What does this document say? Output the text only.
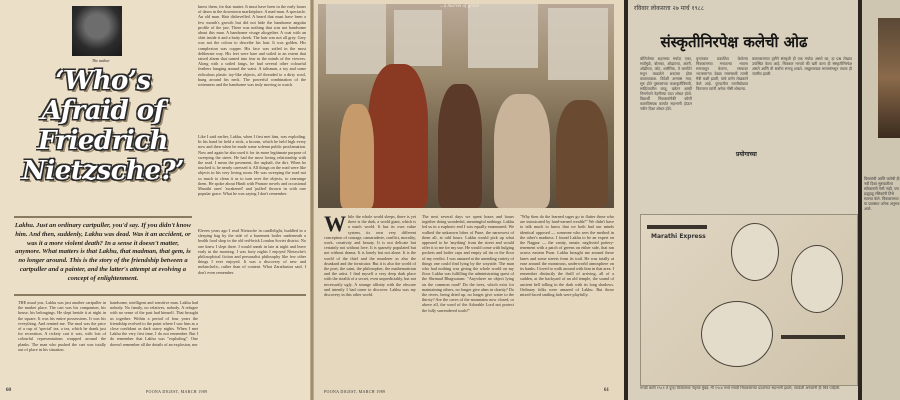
The author
‘Who’s Afraid of Friedrich Nietzsche?’

know them, for that matter. It must have been in the early hours of dawn in the downtown marketplace. A mad man. A spectacle. An old man. Hair dishevelled. A beard that must have been a few month's growth but did not hide the handsome angular profile of the jaw. There was nothing that was not handsome about this man. A handsome visage altogether. A coat with an shirt inside it and a baity cheek. The hair was not all grey. Grey was not the colour to describe his hair. It was golden. His complexion was copper. His face was soiled in the most deliberate way. His feet were bare and soiled to an extent that raised alarm that turned into fear in the minds of the viewers. Along with a soiled fangs, he had several other colourful feathers hanging around the waist. A talisman, a toy and some ridiculous plastic toy-like objects, all threaded to a dirty wool, hung around his neck. The powerful combination of the rottenness and the handsome was truly moving to watch.

Like I said earlier, Lakhu, when I first met him, was exploding. In his hand he held a stick, a broom, which he held high every now and then when he made some solemn public proclamation. Now and again he also used it for its more legitimate purpose of sweeping the street. He had the most loving relationship with the road. I mean the pavement, the asphalt, the dirt. When he touched it, he nearly caressed it. All things on the road were like objects in his very loving room. He was sweeping the road not so much to clean it as to turn over the objects, to rearrange them. He spoke about Hindi with Pranaw novels and occasional Marathi ones' 'awakened' and 'pulled' thrown in with rare popular grace. What he was saying I don't remember.

Eleven years ago I read Nietzsche in candlelight, huddled in a sleeping bag by the side of a basement boiler underneath a health food shop in the old red-brick London Soviet district. No one knew I slept there. I would sneak in late at night and leave early in the morning. I was forty nights I enjoyed Nietzsche's philosophical fiction and personalist philosophy like few other things I ever enjoyed. It was a discovery of new and melancholic, rather than of content. What Zarathustra said, I don't even remember.

Lakhu. Just an ordinary cartpuller, you'd say. If you didn't know him. And then, suddenly, Lakhu was dead. Was it an accident, or was it a more violent death? In a sense it doesn't matter, anymore. What matters is that Lakhu, that madman, that gem, is no longer around. This is the story of the friendship between a cartpuller and a painter, and the latter's attempt at evolving a concept of enlightenment.

THE usual you, Lakhu was just another cartpuller in the market place. The cart was his companion, his house, his belongings. He slept beside it at night in the square. It was his entire possessions. It was his everything. And remind me. The mod was the price of a cup of 'special' tea, a tea, which he drank just for recreation. A rickety cart it was, with lots of colourful representations wrapped around the planks. The man who pushed the cart was totally out of place in his situation.

handsome, intelligent and sensitive man. Lakhu had nobody. No family, no relatives, nobody. A refugee with no sense of the past had himself. That brought us together. Within a period of four years the friendship evolved to the point where I saw him as a close confidant as dark starry nights. When I met Lakhu the very first time, I do not remember. But I do remember that Lakhu was "exploding". One doesn't remember all the details of an explosion, nor

60	POONA DIGEST, MARCH 1989
...a marvel of grace

While the whole world sleeps, there is yet there is the dark, a world giant, which is a man's world. It has its own value system, its own very different conception of courage, camaraderie, conflict, morality, work, creativity and beauty. It is not delicate but certainly not without love. It is sparsely populated but not without drama. It is lonely but not alone. It is the world of the thief and the murderer as also the drunkard and the fornicator. But it is also the world of the poet, the saint, the philosopher, the mathematician and the artist. I find myself a very deep dark place with the stealth of a secret, even unpredictably, but not necessarily ugly. A strange affinity with the obscure and intently I had come to discover. Lakhu was my discovery in this other world.

The next several days we spent hours and hours together doing wonderful, meaningful nothings. Lakhu led us in a euphoric end I was equally enamoured. We walked the unknown lobes of Pune, the narrowest of them all, at odd hours. Lakhu would pick up what appeared to be 'anything' from the street and would offer it to me for my use. He would come with bulging pockets and boiler caps and empty oil tin or the floor of my verdict. I was amazed at the unending variety of things one could find lying by the wayside. The man who had nothing was giving the whole world on my floor. Lakhu was fulfilling the administrating quest of the Shrimad Bhagwatam: "Anywhere no object lying on the common road? Do the trees, which exist for maintaining others, no longer give alms in charity? Do the rivers, being dried up, no longer give water to the thirsty? Are the caves of the mountains now closed, or above all, the word of the Adorable Lord not protect the fully surrendered souls?"

"Why then do the learned sages go to flatter those who are intoxicated by hard-earned wealth?" We didn't have to talk much to know that we both had our minds identical opposed — someone who sees the method in the other's madness. I found Lakhu to be an expert on the Nagpur — the vanity, ornate, neglected pottery-tenement with a patch of greens on either side, that ran across eastern Pune. Lakhu brought me around those lanes and some streets from its trail. He was totally at ease around the monstrous, underworld atmosphere on its banks. I loved to walk around with him in that area. I remember distinctly the thrill of arriving, all of a sudden, at the backyard of an old temple, the sound of ancient bell tolling in the dark with its long shadows. Ordinary folks were amazed of Lakhu. But those mixed-faced smiling lads were playfully.

POONA DIGEST, MARCH 1989	61
रविवार लोकसत्ता २७ मार्च १९८८
संस्कृतीनिरपेक्ष कलेची ओढ
बोलिजेच्या शहराच्या मर्यादा एका, सर्वांमुळे, बोलका, ओझरत्या, अंतरी, ओढीच्या, कोट, शारीरिक, ते कानोटेर मधुन काढलेले शब्दाचा होता कालावकाश. विदेशी अभ्यास मात्र, सुरु होते पुस्तकांच्या कलाकृतींविषयी, साहित्यातील बाजू, खरेतर आम्ही निसर्गपणे नेहमीच्या वाटा शोधत होतो. विद्यार्थी चित्रकारांपैकी कोणी कलाविषयक कार्यात सहभागी होऊन नवीन दिशा शोधत होते.
वृत्तपत्रात प्रकाशित केलेल्या चित्रकाराच्या मनातल्या भावना समजावून घेताना, रस्त्यावर भटकणाऱ्या वेड्या माणसाशी त्याची मैत्री कशी झाली, याचे वर्णन लेखकाने केले आहे. पुण्यातील गल्लीबोळात फिरताना त्यांनी अनेक गोष्टी शोधल्या.
प्रयोगाच्या
कलाकाराच्या दृष्टीने संस्कृती ही एक मर्यादा असते का, हा प्रश्न लेखात उपस्थित केला आहे. चित्रकार मानतो की खरी कला ही संस्कृतीनिरपेक्ष असते आणि ती सर्वांना समजू शकते. लखूसारख्या माणसांमधून त्याला ही जाणीव झाली.
Marathi Express
रानडी बाली १९८१ ते पुन्हा विजेताच्या नेतृत्त्वा मुंबई: मी १९८४ मध्ये मराठी चित्रकारांच्या प्रदर्शनात सहभागी झालो, त्यावेळी अनेकांनी ही चित्रे पाहिली.
विचारांची आणि कलेची ही नवी दिशा सुरुवातीला स्वीकारली गेली नाही, पण हळूहळू रसिकांनी तिचे स्वागत केले. चित्रकाराच्या या प्रवासात अनेक अनुभव आले.
